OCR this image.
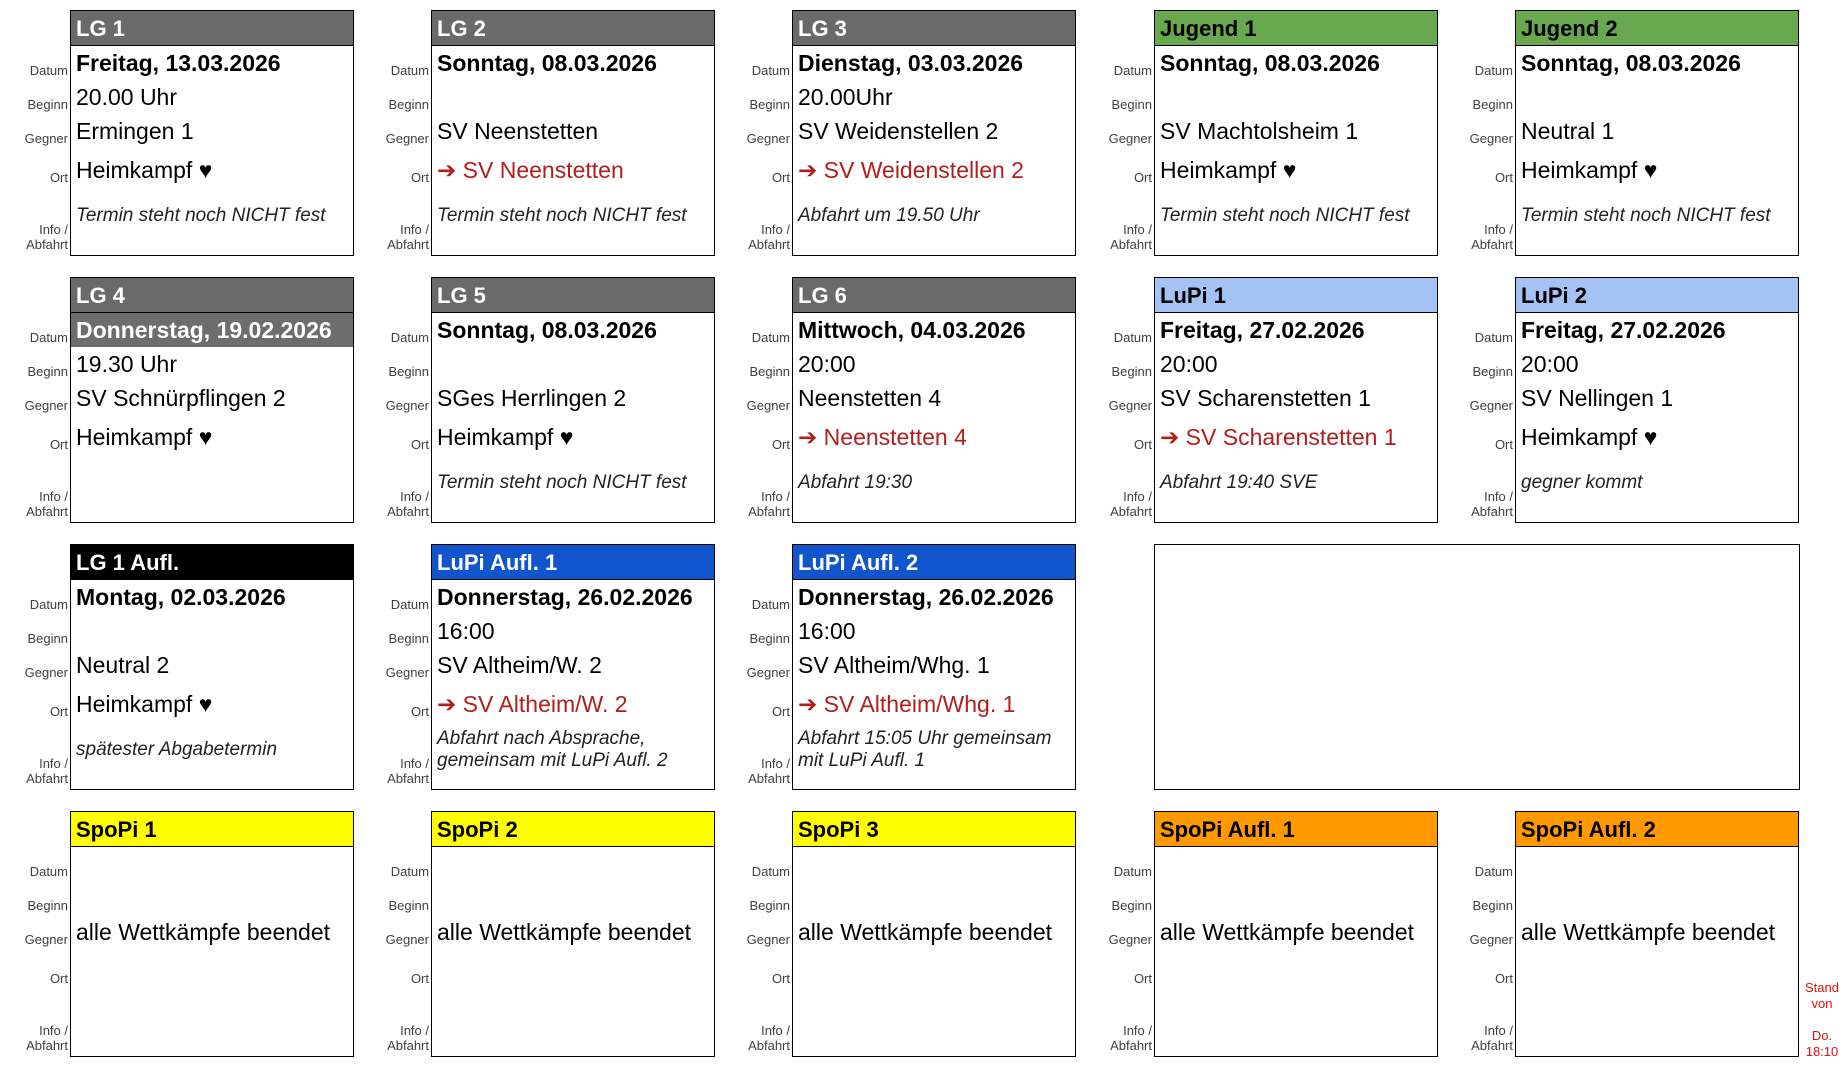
Datum
Beginn
Gegner
Ort
Info /
Abfahrt
LG 1
Freitag, 13.03.2026
20.00 Uhr
Ermingen 1
Heimkampf ♥
Termin steht noch NICHT fest
Datum
Beginn
Gegner
Ort
Info /
Abfahrt
LG 2
Sonntag, 08.03.2026
SV Neenstetten
➔ SV Neenstetten
Termin steht noch NICHT fest
Datum
Beginn
Gegner
Ort
Info /
Abfahrt
LG 3
Dienstag, 03.03.2026
20.00Uhr
SV Weidenstellen 2
➔ SV Weidenstellen 2
Abfahrt um 19.50 Uhr
Datum
Beginn
Gegner
Ort
Info /
Abfahrt
Jugend 1
Sonntag, 08.03.2026
SV Machtolsheim 1
Heimkampf ♥
Termin steht noch NICHT fest
Datum
Beginn
Gegner
Ort
Info /
Abfahrt
Jugend 2
Sonntag, 08.03.2026
Neutral 1
Heimkampf ♥
Termin steht noch NICHT fest
Datum
Beginn
Gegner
Ort
Info /
Abfahrt
LG 4
Donnerstag, 19.02.2026
19.30 Uhr
SV Schnürpflingen 2
Heimkampf ♥
Datum
Beginn
Gegner
Ort
Info /
Abfahrt
LG 5
Sonntag, 08.03.2026
SGes Herrlingen 2
Heimkampf ♥
Termin steht noch NICHT fest
Datum
Beginn
Gegner
Ort
Info /
Abfahrt
LG 6
Mittwoch, 04.03.2026
20:00
Neenstetten 4
➔ Neenstetten 4
Abfahrt 19:30
Datum
Beginn
Gegner
Ort
Info /
Abfahrt
LuPi 1
Freitag, 27.02.2026
20:00
SV Scharenstetten 1
➔ SV Scharenstetten 1
Abfahrt 19:40 SVE
Datum
Beginn
Gegner
Ort
Info /
Abfahrt
LuPi 2
Freitag, 27.02.2026
20:00
SV Nellingen 1
Heimkampf ♥
gegner kommt
Datum
Beginn
Gegner
Ort
Info /
Abfahrt
LG 1 Aufl.
Montag, 02.03.2026
Neutral 2
Heimkampf ♥
spätester Abgabetermin
Datum
Beginn
Gegner
Ort
Info /
Abfahrt
LuPi Aufl. 1
Donnerstag, 26.02.2026
16:00
SV Altheim/W. 2
➔ SV Altheim/W. 2
Abfahrt nach Absprache, gemeinsam mit LuPi Aufl. 2
Datum
Beginn
Gegner
Ort
Info /
Abfahrt
LuPi Aufl. 2
Donnerstag, 26.02.2026
16:00
SV Altheim/Whg. 1
➔ SV Altheim/Whg. 1
Abfahrt 15:05 Uhr gemeinsam mit LuPi Aufl. 1
Datum
Beginn
Gegner
Ort
Info /
Abfahrt
SpoPi 1
alle Wettkämpfe beendet
Datum
Beginn
Gegner
Ort
Info /
Abfahrt
SpoPi 2
alle Wettkämpfe beendet
Datum
Beginn
Gegner
Ort
Info /
Abfahrt
SpoPi 3
alle Wettkämpfe beendet
Datum
Beginn
Gegner
Ort
Info /
Abfahrt
SpoPi Aufl. 1
alle Wettkämpfe beendet
Datum
Beginn
Gegner
Ort
Info /
Abfahrt
SpoPi Aufl. 2
alle Wettkämpfe beendet
Stand
von
Do.
18:10
